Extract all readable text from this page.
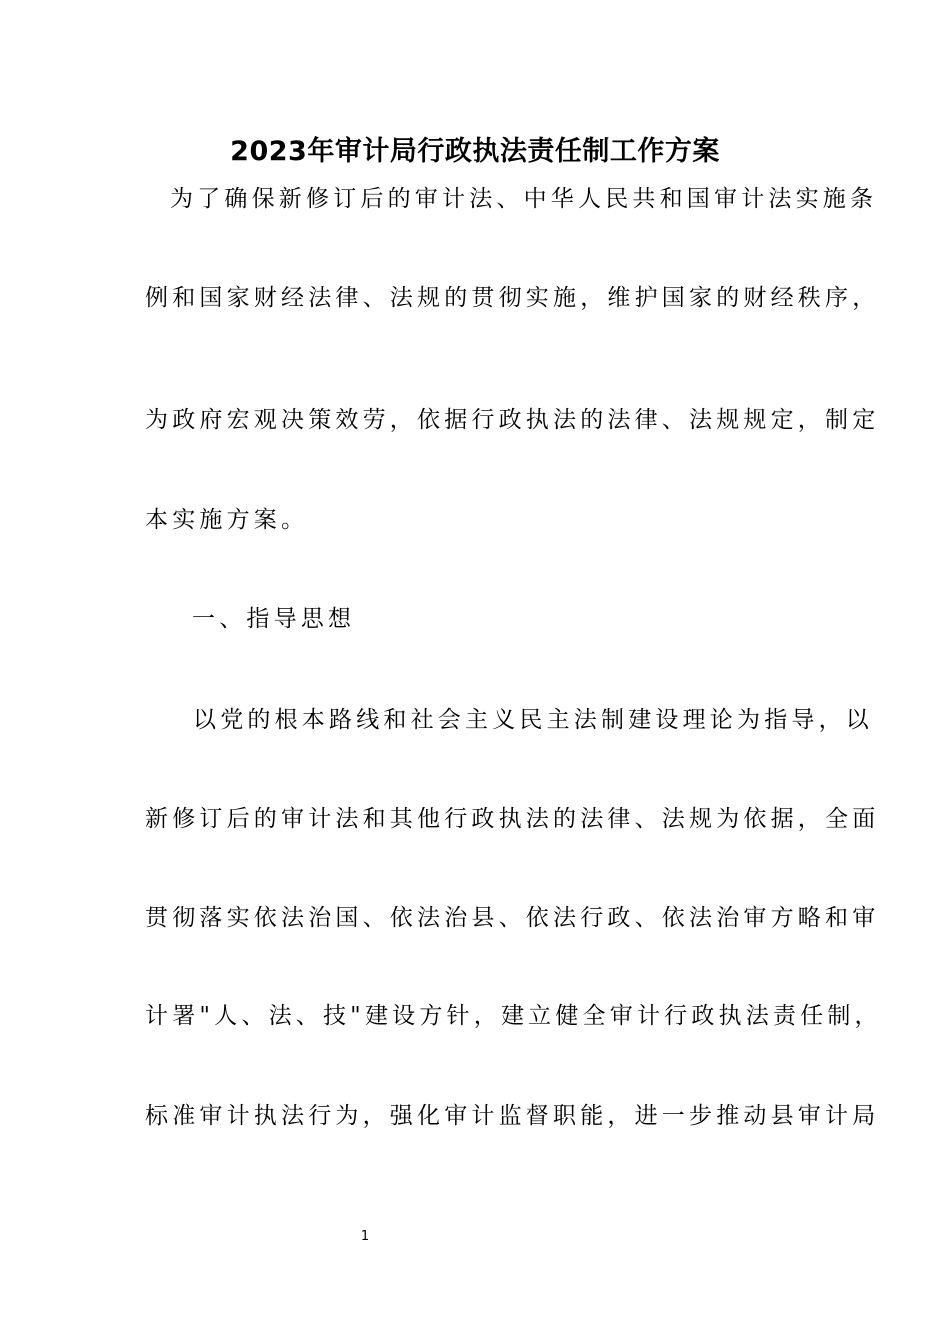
2023年审计局行政执法责任制工作方案
为了确保新修订后的审计法、中华人民共和国审计法实施条
例和国家财经法律、法规的贯彻实施，维护国家的财经秩序，
为政府宏观决策效劳，依据行政执法的法律、法规规定，制定
本实施方案。
一、指导思想
以党的根本路线和社会主义民主法制建设理论为指导，以
新修订后的审计法和其他行政执法的法律、法规为依据，全面
贯彻落实依法治国、依法治县、依法行政、依法治审方略和审
计署"人、法、技"建设方针，建立健全审计行政执法责任制，
标准审计执法行为，强化审计监督职能，进一步推动县审计局
1
